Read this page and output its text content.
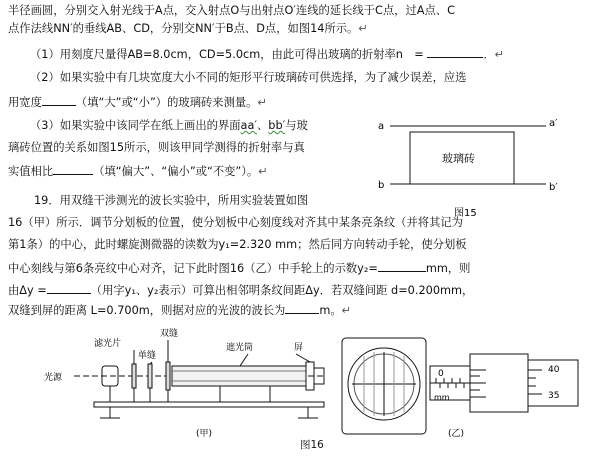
半径画圆，分别交入射光线于A点，交入射点O与出射点O′连线的延长线于C点，过A点、C
点作法线NN′的垂线AB、CD，分别交NN′于B点、D点，如图14所示。↵
（1）用刻度尺量得AB=8.0cm，CD=5.0cm，由此可得出玻璃的折射率n　=	．↵
（2）如果实验中有几块宽度大小不同的矩形平行玻璃砖可供选择，为了减少误差，应选
用宽度	（填“大”或“小”）的玻璃砖来测量。↵
（3）如果实验中该同学在纸上画出的界面aa′、bb′与玻
璃砖位置的关系如图15所示，则该甲同学测得的折射率与真
实值相比	（填“偏大”、“偏小”或“不变”）。↵
19．用双缝干涉测光的波长实验中，所用实验装置如图
16（甲）所示．调节分划板的位置，使分划板中心刻度线对齐其中某条亮条纹（并将其记为
第1条）的中心，此时螺旋测微器的读数为y₁=2.320 mm；然后同方向转动手轮，使分划板
中心刻线与第6条亮纹中心对齐，记下此时图16（乙）中手轮上的示数y₂=	mm，则
由Δy =	（用字y₁、y₂表示）可算出相邻明条纹间距Δy．若双缝间距 d=0.200mm，
双缝到屏的距离 L=0.700m，则据对应的光波的波长为	m。↵
a	a′
b	b′
玻璃砖
图15
滤光片
单缝
双缝
遮光筒	屏
光源
(甲)
图16
0
mm
40
35
(乙)
